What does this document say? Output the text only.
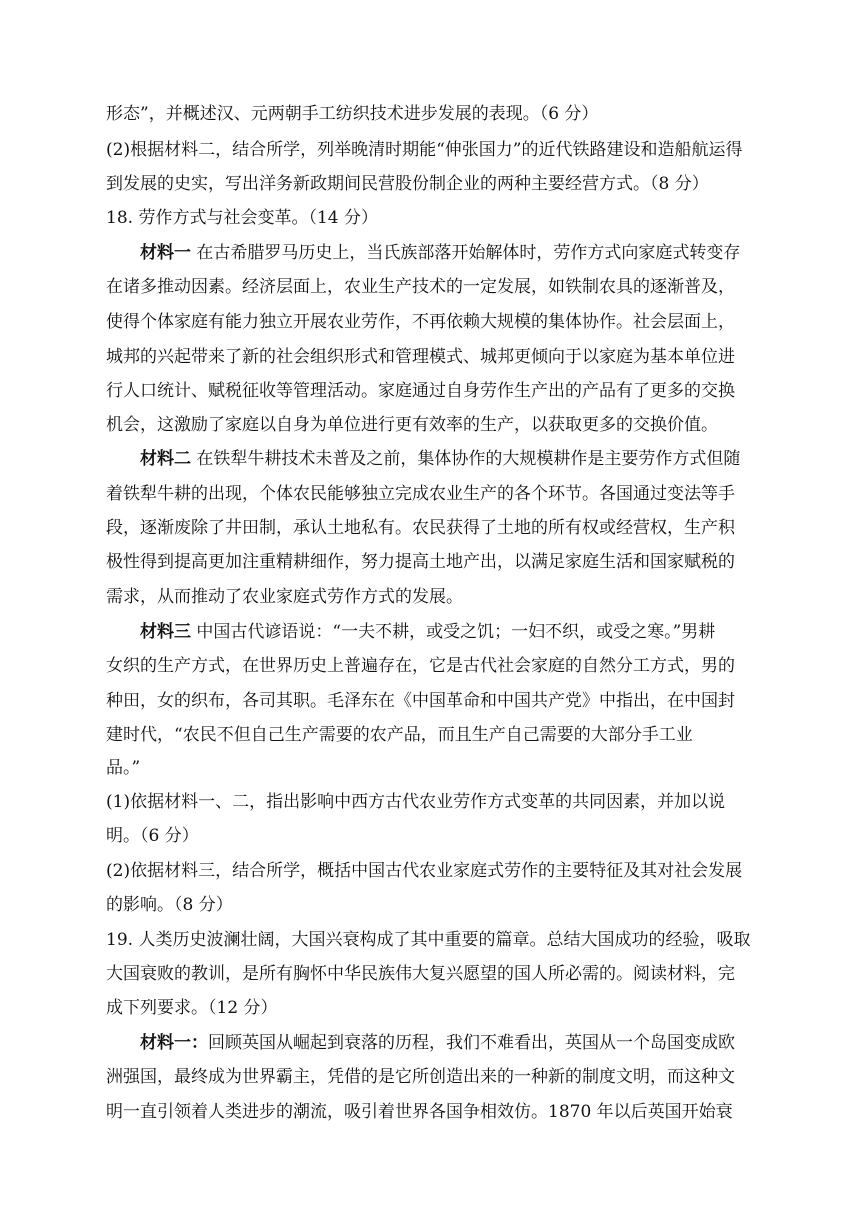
形态”，并概述汉、元两朝手工纺织技术进步发展的表现。（6 分）
(2)根据材料二，结合所学，列举晚清时期能“伸张国力”的近代铁路建设和造船航运得
到发展的史实，写出洋务新政期间民营股份制企业的两种主要经营方式。（8 分）
18. 劳作方式与社会变革。（14 分）
材料一 在古希腊罗马历史上，当氏族部落开始解体时，劳作方式向家庭式转变存
在诸多推动因素。经济层面上，农业生产技术的一定发展，如铁制农具的逐渐普及，
使得个体家庭有能力独立开展农业劳作，不再依赖大规模的集体协作。社会层面上，
城邦的兴起带来了新的社会组织形式和管理模式、城邦更倾向于以家庭为基本单位进
行人口统计、赋税征收等管理活动。家庭通过自身劳作生产出的产品有了更多的交换
机会，这激励了家庭以自身为单位进行更有效率的生产，以获取更多的交换价值。
材料二 在铁犁牛耕技术未普及之前，集体协作的大规模耕作是主要劳作方式但随
着铁犁牛耕的出现，个体农民能够独立完成农业生产的各个环节。各国通过变法等手
段，逐渐废除了井田制，承认土地私有。农民获得了土地的所有权或经营权，生产积
极性得到提高更加注重精耕细作，努力提高土地产出，以满足家庭生活和国家赋税的
需求，从而推动了农业家庭式劳作方式的发展。
材料三 中国古代谚语说：“一夫不耕，或受之饥；一妇不织，或受之寒。”男耕
女织的生产方式，在世界历史上普遍存在，它是古代社会家庭的自然分工方式，男的
种田，女的织布，各司其职。毛泽东在《中国革命和中国共产党》中指出，在中国封
建时代，“农民不但自己生产需要的农产品，而且生产自己需要的大部分手工业
品。”
(1)依据材料一、二，指出影响中西方古代农业劳作方式变革的共同因素，并加以说
明。（6 分）
(2)依据材料三，结合所学，概括中国古代农业家庭式劳作的主要特征及其对社会发展
的影响。（8 分）
19. 人类历史波澜壮阔，大国兴衰构成了其中重要的篇章。总结大国成功的经验，吸取
大国衰败的教训，是所有胸怀中华民族伟大复兴愿望的国人所必需的。阅读材料，完
成下列要求。（12 分）
材料一：回顾英国从崛起到衰落的历程，我们不难看出，英国从一个岛国变成欧
洲强国，最终成为世界霸主，凭借的是它所创造出来的一种新的制度文明，而这种文
明一直引领着人类进步的潮流，吸引着世界各国争相效仿。1870 年以后英国开始衰
